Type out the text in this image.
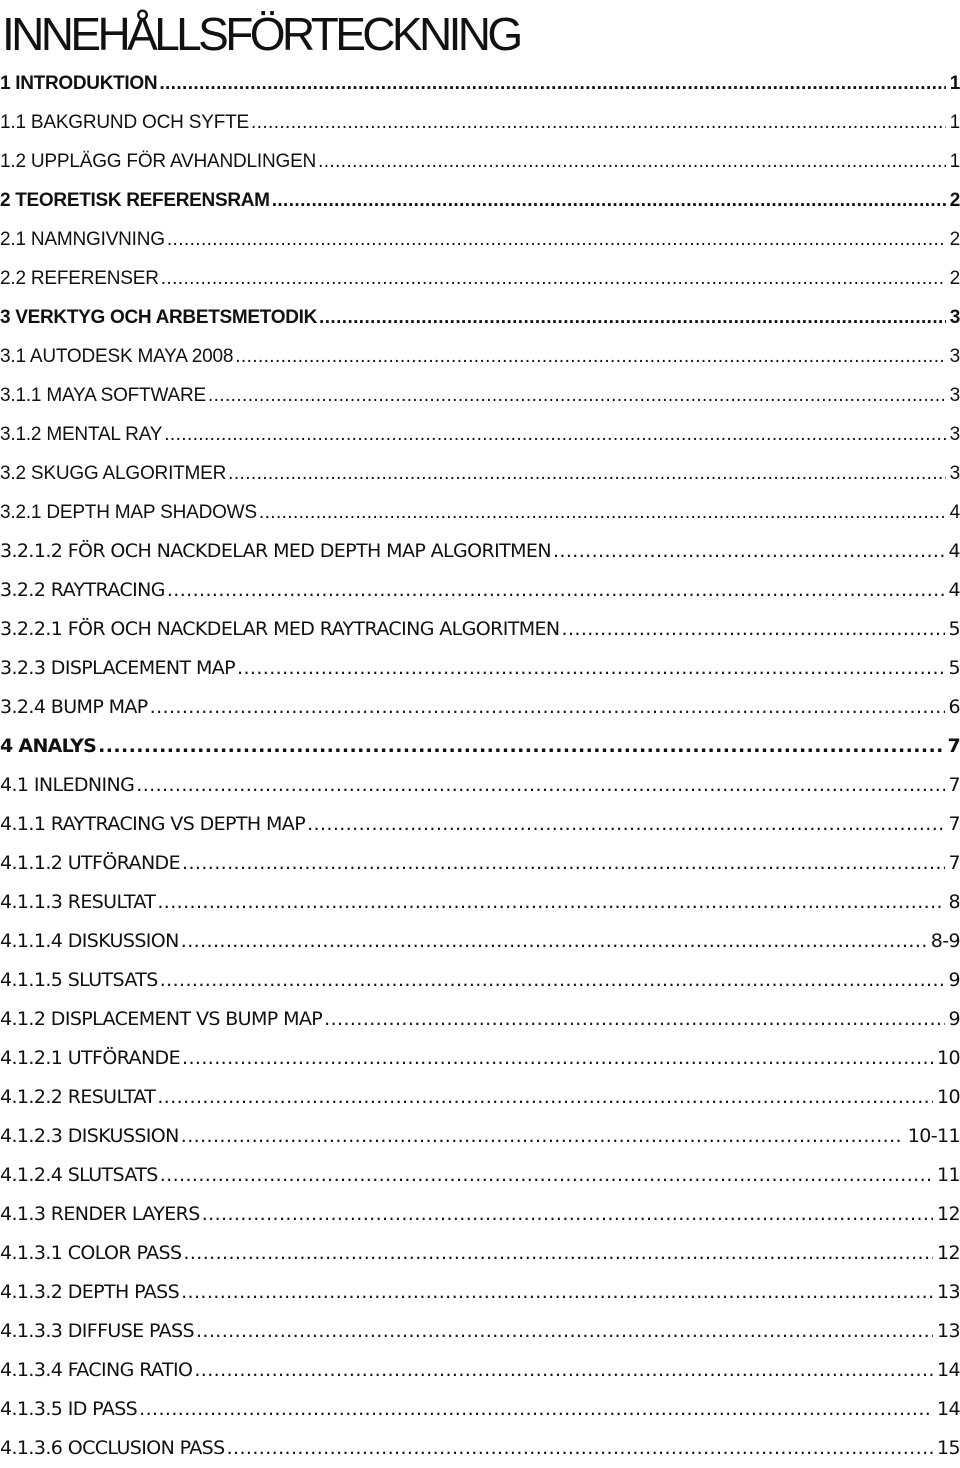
INNEHÅLLSFÖRTECKNING
1 INTRODUKTION .....	1
1.1 BAKGRUND OCH SYFTE .....	1
1.2 UPPLÄGG FÖR AVHANDLINGEN .....	1
2 TEORETISK REFERENSRAM .....	2
2.1 NAMNGIVNING .....	2
2.2 REFERENSER .....	2
3 VERKTYG OCH ARBETSMETODIK .....	3
3.1 AUTODESK MAYA 2008 .....	3
3.1.1 MAYA SOFTWARE .....	3
3.1.2 MENTAL RAY .....	3
3.2 SKUGG ALGORITMER .....	3
3.2.1 DEPTH MAP SHADOWS .....	4
3.2.1.2 FÖR OCH NACKDELAR MED DEPTH MAP ALGORITMEN .....	4
3.2.2 RAYTRACING .....	4
3.2.2.1 FÖR OCH NACKDELAR MED RAYTRACING ALGORITMEN .....	5
3.2.3 DISPLACEMENT MAP .....	5
3.2.4 BUMP MAP .....	6
4 ANALYS .....	7
4.1 INLEDNING .....	7
4.1.1 RAYTRACING VS DEPTH MAP .....	7
4.1.1.2 UTFÖRANDE .....	7
4.1.1.3 RESULTAT .....	8
4.1.1.4 DISKUSSION .....	8-9
4.1.1.5 SLUTSATS .....	9
4.1.2 DISPLACEMENT VS BUMP MAP .....	9
4.1.2.1 UTFÖRANDE .....	10
4.1.2.2 RESULTAT .....	10
4.1.2.3 DISKUSSION .....	10-11
4.1.2.4 SLUTSATS .....	11
4.1.3 RENDER LAYERS .....	12
4.1.3.1 COLOR PASS .....	12
4.1.3.2 DEPTH PASS .....	13
4.1.3.3 DIFFUSE PASS .....	13
4.1.3.4 FACING RATIO .....	14
4.1.3.5 ID PASS .....	14
4.1.3.6 OCCLUSION PASS .....	15
